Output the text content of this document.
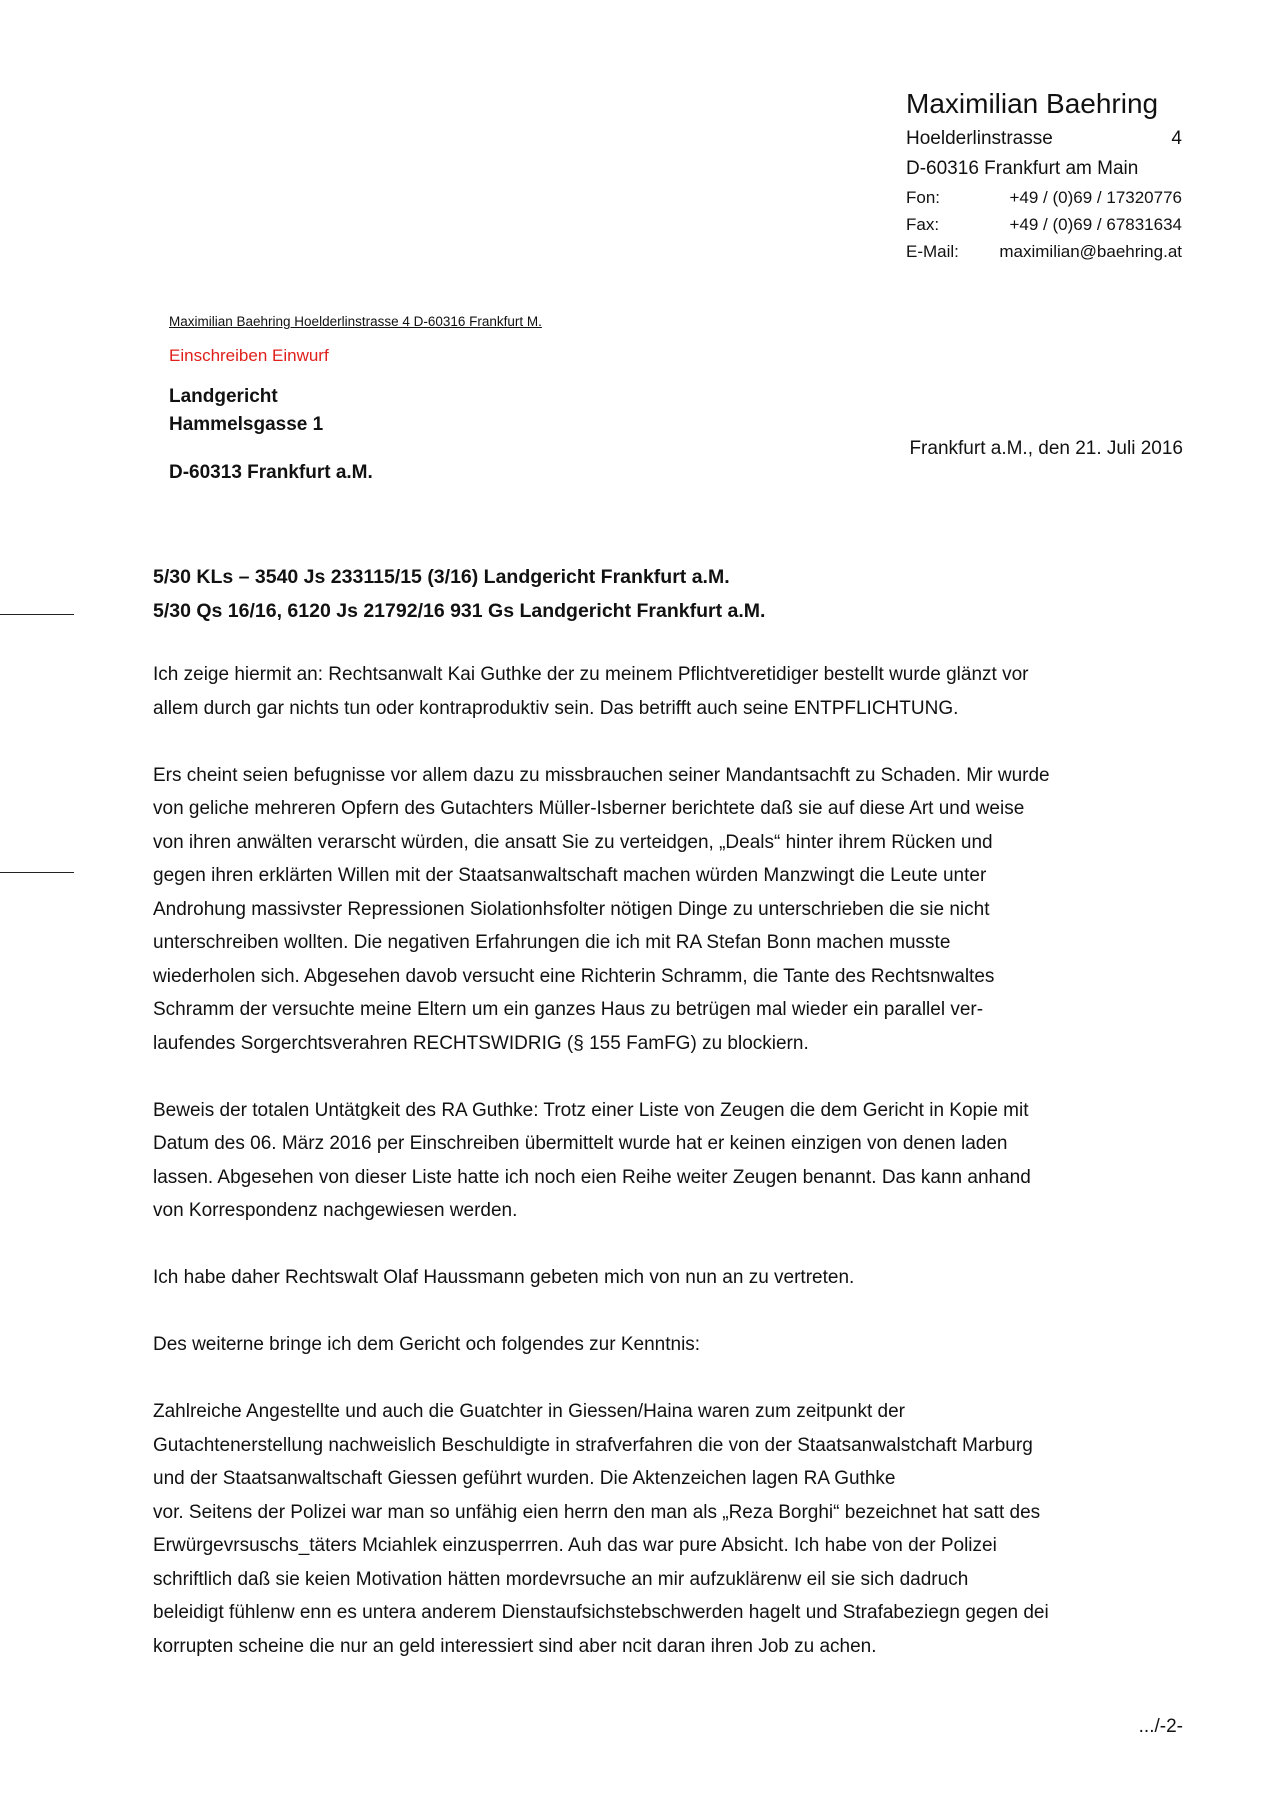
Maximilian Baehring
Hoelderlinstrasse	4
D-60316 Frankfurt am Main
Fon:	+49 / (0)69 / 17320776
Fax:	+49 / (0)69 / 67831634
E-Mail:	maximilian@baehring.at
Maximilian Baehring Hoelderlinstrasse 4 D-60316 Frankfurt M.
Einschreiben Einwurf
Landgericht
Hammelsgasse 1
D-60313 Frankfurt a.M.
Frankfurt a.M., den 21. Juli 2016
5/30 KLs – 3540 Js 233115/15 (3/16) Landgericht Frankfurt a.M.
5/30 Qs 16/16, 6120 Js 21792/16 931 Gs Landgericht Frankfurt a.M.

Ich zeige hiermit an: Rechtsanwalt Kai Guthke der zu meinem Pflichtveretidiger bestellt wurde glänzt vor
allem durch gar nichts tun oder kontraproduktiv sein. Das betrifft auch seine ENTPFLICHTUNG.

Ers cheint seien befugnisse vor allem dazu zu missbrauchen seiner Mandantsachft zu Schaden. Mir wurde
von geliche mehreren Opfern des Gutachters Müller-Isberner berichtete daß sie auf diese Art und weise
von ihren anwälten verarscht würden, die ansatt Sie zu verteidgen, „Deals“ hinter ihrem Rücken und
gegen ihren erklärten Willen mit der Staatsanwaltschaft machen würden Manzwingt die Leute unter
Androhung massivster Repressionen Siolationhsfolter nötigen Dinge zu unterschrieben die sie nicht
unterschreiben wollten. Die negativen Erfahrungen die ich mit RA Stefan Bonn machen musste
wiederholen sich. Abgesehen davob versucht eine Richterin Schramm, die Tante des Rechtsnwaltes
Schramm der versuchte meine Eltern um ein ganzes Haus zu betrügen mal wieder ein parallel ver-
laufendes Sorgerchtsverahren RECHTSWIDRIG (§ 155 FamFG) zu blockiern.

Beweis der totalen Untätgkeit des RA Guthke: Trotz einer Liste von Zeugen die dem Gericht in Kopie mit
Datum des 06. März 2016 per Einschreiben übermittelt wurde hat er keinen einzigen von denen laden
lassen. Abgesehen von dieser Liste hatte ich noch eien Reihe weiter Zeugen benannt. Das kann anhand
von Korrespondenz nachgewiesen werden.

Ich habe daher Rechtswalt Olaf Haussmann gebeten mich von nun an zu vertreten.

Des weiterne bringe ich dem Gericht och folgendes zur Kenntnis:

Zahlreiche Angestellte und auch die Guatchter in Giessen/Haina waren zum zeitpunkt der
Gutachtenerstellung nachweislich Beschuldigte in strafverfahren die von der Staatsanwalstchaft Marburg
und der Staatsanwaltschaft Giessen geführt wurden. Die Aktenzeichen lagen RA Guthke
vor. Seitens der Polizei war man so unfähig eien herrn den man als „Reza Borghi“ bezeichnet hat satt des
Erwürgevrsuschs_täters Mciahlek einzusperrren. Auh das war pure Absicht. Ich habe von der Polizei
schriftlich daß sie keien Motivation hätten mordevrsuche an mir aufzuklärenw eil sie sich dadruch
beleidigt fühlenw enn es untera anderem Dienstaufsichstebschwerden hagelt und Strafabeziegn gegen dei
korrupten scheine die nur an geld interessiert sind aber ncit daran ihren Job zu achen.

.../-2-
